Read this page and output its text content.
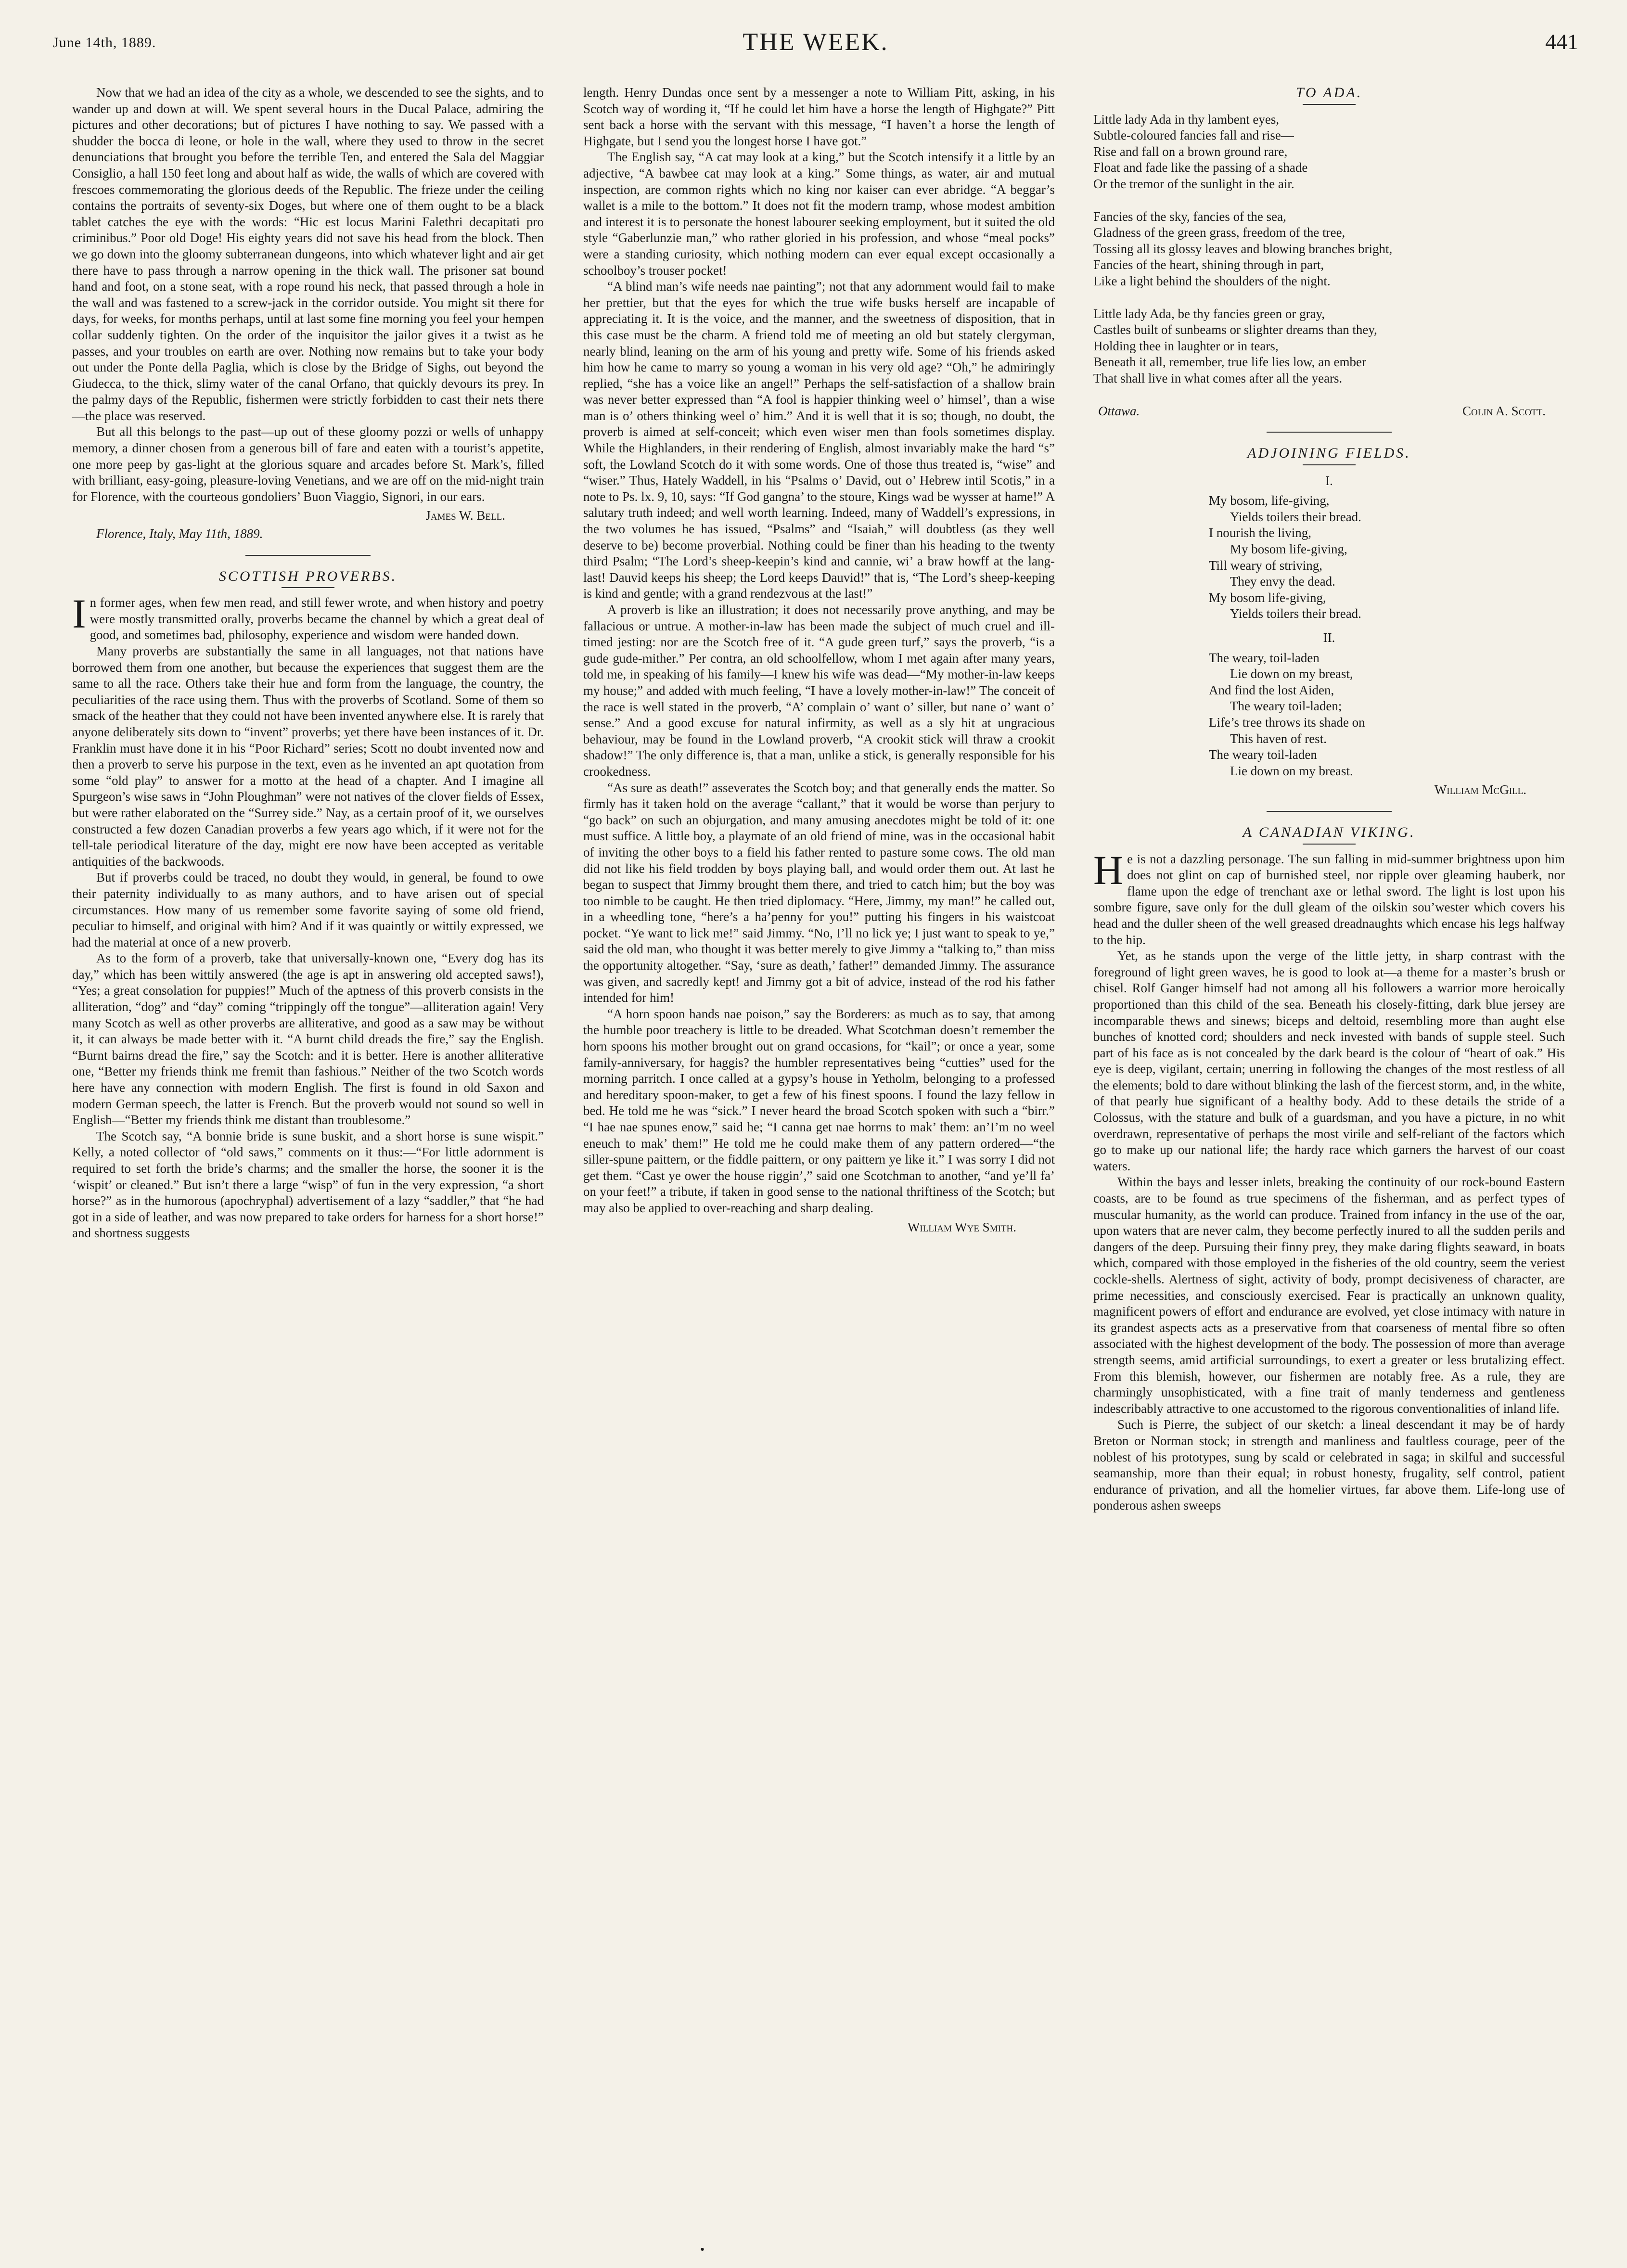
June 14th, 1889.	THE WEEK.	441

Now that we had an idea of the city as a whole, we descended to see the sights, and to wander up and down at will. We spent several hours in the Ducal Palace, admiring the pictures and other decorations; but of pictures I have nothing to say. We passed with a shudder the bocca di leone, or hole in the wall, where they used to throw in the secret denunciations that brought you before the terrible Ten, and entered the Sala del Maggiar Consiglio, a hall 150 feet long and about half as wide, the walls of which are covered with frescoes commemorating the glorious deeds of the Republic. The frieze under the ceiling contains the portraits of seventy-six Doges, but where one of them ought to be a black tablet catches the eye with the words: “Hic est locus Marini Falethri decapitati pro criminibus.” Poor old Doge! His eighty years did not save his head from the block. Then we go down into the gloomy subterranean dungeons, into which whatever light and air get there have to pass through a narrow opening in the thick wall. The prisoner sat bound hand and foot, on a stone seat, with a rope round his neck, that passed through a hole in the wall and was fastened to a screw-jack in the corridor outside. You might sit there for days, for weeks, for months perhaps, until at last some fine morning you feel your hempen collar suddenly tighten. On the order of the inquisitor the jailor gives it a twist as he passes, and your troubles on earth are over. Nothing now remains but to take your body out under the Ponte della Paglia, which is close by the Bridge of Sighs, out beyond the Giudecca, to the thick, slimy water of the canal Orfano, that quickly devours its prey. In the palmy days of the Republic, fishermen were strictly forbidden to cast their nets there—the place was reserved.

But all this belongs to the past—up out of these gloomy pozzi or wells of unhappy memory, a dinner chosen from a generous bill of fare and eaten with a tourist’s appetite, one more peep by gas-light at the glorious square and arcades before St. Mark’s, filled with brilliant, easy-going, pleasure-loving Venetians, and we are off on the mid-night train for Florence, with the courteous gondoliers’ Buon Viaggio, Signori, in our ears.

James W. Bell.

Florence, Italy, May 11th, 1889.

SCOTTISH PROVERBS.

In former ages, when few men read, and still fewer wrote, and when history and poetry were mostly transmitted orally, proverbs became the channel by which a great deal of good, and sometimes bad, philosophy, experience and wisdom were handed down.

Many proverbs are substantially the same in all languages, not that nations have borrowed them from one another, but because the experiences that suggest them are the same to all the race. Others take their hue and form from the language, the country, the peculiarities of the race using them. Thus with the proverbs of Scotland. Some of them so smack of the heather that they could not have been invented anywhere else. It is rarely that anyone deliberately sits down to “invent” proverbs; yet there have been instances of it. Dr. Franklin must have done it in his “Poor Richard” series; Scott no doubt invented now and then a proverb to serve his purpose in the text, even as he invented an apt quotation from some “old play” to answer for a motto at the head of a chapter. And I imagine all Spurgeon’s wise saws in “John Ploughman” were not natives of the clover fields of Essex, but were rather elaborated on the “Surrey side.” Nay, as a certain proof of it, we ourselves constructed a few dozen Canadian proverbs a few years ago which, if it were not for the tell-tale periodical literature of the day, might ere now have been accepted as veritable antiquities of the backwoods.

But if proverbs could be traced, no doubt they would, in general, be found to owe their paternity individually to as many authors, and to have arisen out of special circumstances. How many of us remember some favorite saying of some old friend, peculiar to himself, and original with him? And if it was quaintly or wittily expressed, we had the material at once of a new proverb.

As to the form of a proverb, take that universally-known one, “Every dog has its day,” which has been wittily answered (the age is apt in answering old accepted saws!), “Yes; a great consolation for puppies!” Much of the aptness of this proverb consists in the alliteration, “dog” and “day” coming “trippingly off the tongue”—alliteration again! Very many Scotch as well as other proverbs are alliterative, and good as a saw may be without it, it can always be made better with it. “A burnt child dreads the fire,” say the English. “Burnt bairns dread the fire,” say the Scotch: and it is better. Here is another alliterative one, “Better my friends think me fremit than fashious.” Neither of the two Scotch words here have any connection with modern English. The first is found in old Saxon and modern German speech, the latter is French. But the proverb would not sound so well in English—“Better my friends think me distant than troublesome.”

The Scotch say, “A bonnie bride is sune buskit, and a short horse is sune wispit.” Kelly, a noted collector of “old saws,” comments on it thus:—“For little adornment is required to set forth the bride’s charms; and the smaller the horse, the sooner it is the ‘wispit’ or cleaned.” But isn’t there a large “wisp” of fun in the very expression, “a short horse?” as in the humorous (apochryphal) advertisement of a lazy “saddler,” that “he had got in a side of leather, and was now prepared to take orders for harness for a short horse!” and shortness suggests

length. Henry Dundas once sent by a messenger a note to William Pitt, asking, in his Scotch way of wording it, “If he could let him have a horse the length of Highgate?” Pitt sent back a horse with the servant with this message, “I haven’t a horse the length of Highgate, but I send you the longest horse I have got.”

The English say, “A cat may look at a king,” but the Scotch intensify it a little by an adjective, “A bawbee cat may look at a king.” Some things, as water, air and mutual inspection, are common rights which no king nor kaiser can ever abridge. “A beggar’s wallet is a mile to the bottom.” It does not fit the modern tramp, whose modest ambition and interest it is to personate the honest labourer seeking employment, but it suited the old style “Gaberlunzie man,” who rather gloried in his profession, and whose “meal pocks” were a standing curiosity, which nothing modern can ever equal except occasionally a schoolboy’s trouser pocket!

“A blind man’s wife needs nae painting”; not that any adornment would fail to make her prettier, but that the eyes for which the true wife busks herself are incapable of appreciating it. It is the voice, and the manner, and the sweetness of disposition, that in this case must be the charm. A friend told me of meeting an old but stately clergyman, nearly blind, leaning on the arm of his young and pretty wife. Some of his friends asked him how he came to marry so young a woman in his very old age? “Oh,” he admiringly replied, “she has a voice like an angel!” Perhaps the self-satisfaction of a shallow brain was never better expressed than “A fool is happier thinking weel o’ himsel’, than a wise man is o’ others thinking weel o’ him.” And it is well that it is so; though, no doubt, the proverb is aimed at self-conceit; which even wiser men than fools sometimes display. While the Highlanders, in their rendering of English, almost invariably make the hard “s” soft, the Lowland Scotch do it with some words. One of those thus treated is, “wise” and “wiser.” Thus, Hately Waddell, in his “Psalms o’ David, out o’ Hebrew intil Scotis,” in a note to Ps. lx. 9, 10, says: “If God gangna’ to the stoure, Kings wad be wysser at hame!” A salutary truth indeed; and well worth learning. Indeed, many of Waddell’s expressions, in the two volumes he has issued, “Psalms” and “Isaiah,” will doubtless (as they well deserve to be) become proverbial. Nothing could be finer than his heading to the twenty third Psalm; “The Lord’s sheep-keepin’s kind and cannie, wi’ a braw howff at the lang-last! Dauvid keeps his sheep; the Lord keeps Dauvid!” that is, “The Lord’s sheep-keeping is kind and gentle; with a grand rendezvous at the last!”

A proverb is like an illustration; it does not necessarily prove anything, and may be fallacious or untrue. A mother-in-law has been made the subject of much cruel and ill-timed jesting: nor are the Scotch free of it. “A gude green turf,” says the proverb, “is a gude gude-mither.” Per contra, an old schoolfellow, whom I met again after many years, told me, in speaking of his family—I knew his wife was dead—“My mother-in-law keeps my house;” and added with much feeling, “I have a lovely mother-in-law!” The conceit of the race is well stated in the proverb, “A’ complain o’ want o’ siller, but nane o’ want o’ sense.” And a good excuse for natural infirmity, as well as a sly hit at ungracious behaviour, may be found in the Lowland proverb, “A crookit stick will thraw a crookit shadow!” The only difference is, that a man, unlike a stick, is generally responsible for his crookedness.

“As sure as death!” asseverates the Scotch boy; and that generally ends the matter. So firmly has it taken hold on the average “callant,” that it would be worse than perjury to “go back” on such an objurgation, and many amusing anecdotes might be told of it: one must suffice. A little boy, a playmate of an old friend of mine, was in the occasional habit of inviting the other boys to a field his father rented to pasture some cows. The old man did not like his field trodden by boys playing ball, and would order them out. At last he began to suspect that Jimmy brought them there, and tried to catch him; but the boy was too nimble to be caught. He then tried diplomacy. “Here, Jimmy, my man!” he called out, in a wheedling tone, “here’s a ha’penny for you!” putting his fingers in his waistcoat pocket. “Ye want to lick me!” said Jimmy. “No, I’ll no lick ye; I just want to speak to ye,” said the old man, who thought it was better merely to give Jimmy a “talking to,” than miss the opportunity altogether. “Say, ‘sure as death,’ father!” demanded Jimmy. The assurance was given, and sacredly kept! and Jimmy got a bit of advice, instead of the rod his father intended for him!

“A horn spoon hands nae poison,” say the Borderers: as much as to say, that among the humble poor treachery is little to be dreaded. What Scotchman doesn’t remember the horn spoons his mother brought out on grand occasions, for “kail”; or once a year, some family-anniversary, for haggis? the humbler representatives being “cutties” used for the morning parritch. I once called at a gypsy’s house in Yetholm, belonging to a professed and hereditary spoon-maker, to get a few of his finest spoons. I found the lazy fellow in bed. He told me he was “sick.” I never heard the broad Scotch spoken with such a “birr.” “I hae nae spunes enow,” said he; “I canna get nae horrns to mak’ them: an’I’m no weel eneuch to mak’ them!” He told me he could make them of any pattern ordered—“the siller-spune paittern, or the fiddle paittern, or ony paittern ye like it.” I was sorry I did not get them. “Cast ye ower the house riggin’,” said one Scotchman to another, “and ye’ll fa’ on your feet!” a tribute, if taken in good sense to the national thriftiness of the Scotch; but may also be applied to over-reaching and sharp dealing.

William Wye Smith.

TO ADA.

Little lady Ada in thy lambent eyes,
Subtle-coloured fancies fall and rise—
Rise and fall on a brown ground rare,
Float and fade like the passing of a shade
Or the tremor of the sunlight in the air.
Fancies of the sky, fancies of the sea,
Gladness of the green grass, freedom of the tree,
Tossing all its glossy leaves and blowing branches bright,
Fancies of the heart, shining through in part,
Like a light behind the shoulders of the night.
Little lady Ada, be thy fancies green or gray,
Castles built of sunbeams or slighter dreams than they,
Holding thee in laughter or in tears,
Beneath it all, remember, true life lies low, an ember
That shall live in what comes after all the years.
Ottawa.	Colin A. Scott.

ADJOINING FIELDS.

I.
My bosom, life-giving,
Yields toilers their bread.
I nourish the living,
My bosom life-giving,
Till weary of striving,
They envy the dead.
My bosom life-giving,
Yields toilers their bread.
II.
The weary, toil-laden
Lie down on my breast,
And find the lost Aiden,
The weary toil-laden;
Life’s tree throws its shade on
This haven of rest.
The weary toil-laden
Lie down on my breast.

William McGill.

A CANADIAN VIKING.

He is not a dazzling personage. The sun falling in mid-summer brightness upon him does not glint on cap of burnished steel, nor ripple over gleaming hauberk, nor flame upon the edge of trenchant axe or lethal sword. The light is lost upon his sombre figure, save only for the dull gleam of the oilskin sou’wester which covers his head and the duller sheen of the well greased dreadnaughts which encase his legs halfway to the hip.

Yet, as he stands upon the verge of the little jetty, in sharp contrast with the foreground of light green waves, he is good to look at—a theme for a master’s brush or chisel. Rolf Ganger himself had not among all his followers a warrior more heroically proportioned than this child of the sea. Beneath his closely-fitting, dark blue jersey are incomparable thews and sinews; biceps and deltoid, resembling more than aught else bunches of knotted cord; shoulders and neck invested with bands of supple steel. Such part of his face as is not concealed by the dark beard is the colour of “heart of oak.” His eye is deep, vigilant, certain; unerring in following the changes of the most restless of all the elements; bold to dare without blinking the lash of the fiercest storm, and, in the white, of that pearly hue significant of a healthy body. Add to these details the stride of a Colossus, with the stature and bulk of a guardsman, and you have a picture, in no whit overdrawn, representative of perhaps the most virile and self-reliant of the factors which go to make up our national life; the hardy race which garners the harvest of our coast waters.

Within the bays and lesser inlets, breaking the continuity of our rock-bound Eastern coasts, are to be found as true specimens of the fisherman, and as perfect types of muscular humanity, as the world can produce. Trained from infancy in the use of the oar, upon waters that are never calm, they become perfectly inured to all the sudden perils and dangers of the deep. Pursuing their finny prey, they make daring flights seaward, in boats which, compared with those employed in the fisheries of the old country, seem the veriest cockle-shells. Alertness of sight, activity of body, prompt decisiveness of character, are prime necessities, and consciously exercised. Fear is practically an unknown quality, magnificent powers of effort and endurance are evolved, yet close intimacy with nature in its grandest aspects acts as a preservative from that coarseness of mental fibre so often associated with the highest development of the body. The possession of more than average strength seems, amid artificial surroundings, to exert a greater or less brutalizing effect. From this blemish, however, our fishermen are notably free. As a rule, they are charmingly unsophisticated, with a fine trait of manly tenderness and gentleness indescribably attractive to one accustomed to the rigorous conventionalities of inland life.

Such is Pierre, the subject of our sketch: a lineal descendant it may be of hardy Breton or Norman stock; in strength and manliness and faultless courage, peer of the noblest of his prototypes, sung by scald or celebrated in saga; in skilful and successful seamanship, more than their equal; in robust honesty, frugality, self control, patient endurance of privation, and all the homelier virtues, far above them. Life-long use of ponderous ashen sweeps

•
